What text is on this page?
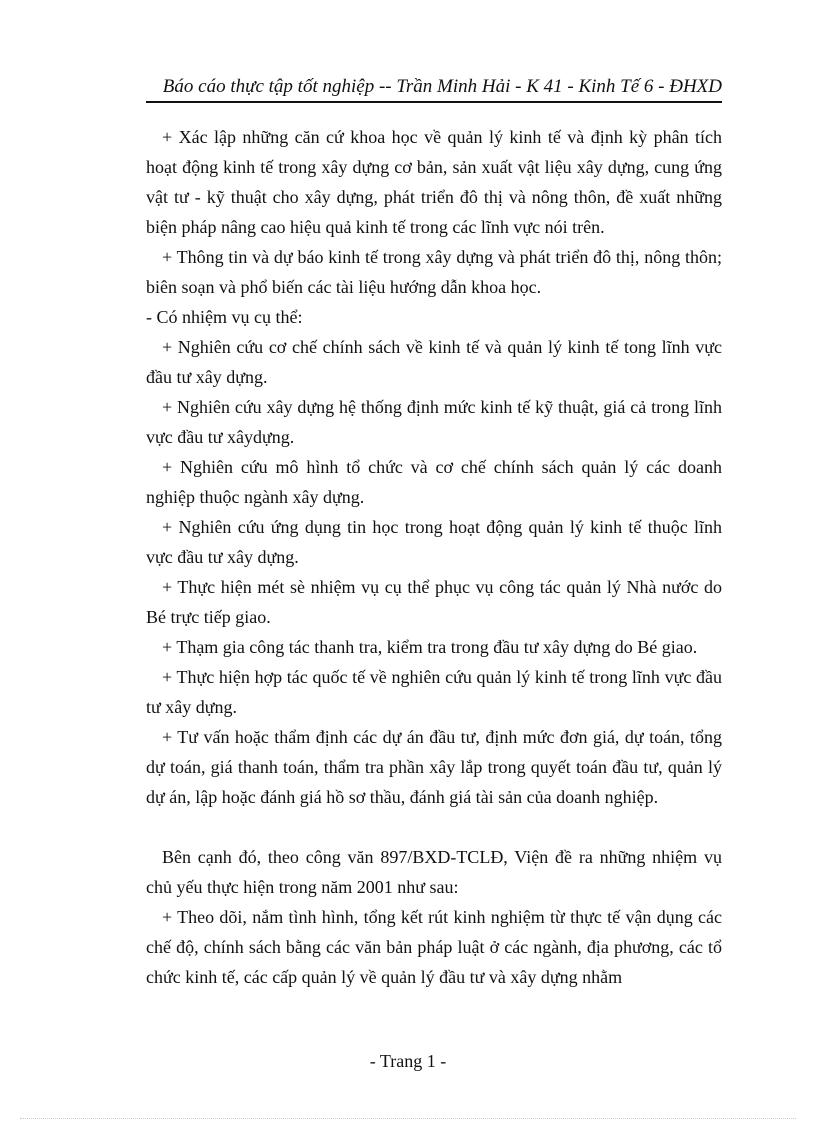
Báo cáo thực tập tốt nghiệp -- Trần Minh Hải - K 41 - Kinh Tế 6 - ĐHXD

+ Xác lập những căn cứ khoa học về quản lý kinh tế và định kỳ phân tích hoạt động kinh tế trong xây dựng cơ bản, sản xuất vật liệu xây dựng, cung ứng vật tư - kỹ thuật cho xây dựng, phát triển đô thị và nông thôn, đề xuất những biện pháp nâng cao hiệu quả kinh tế trong các lĩnh vực nói trên.

+ Thông tin và dự báo kinh tế trong xây dựng và phát triển đô thị, nông thôn; biên soạn và phổ biến các tài liệu hướng dẫn khoa học.

- Có nhiệm vụ cụ thể:

+ Nghiên cứu cơ chế chính sách về kinh tế và quản lý kinh tế tong lĩnh vực đầu tư xây dựng.

+ Nghiên cứu xây dựng hệ thống định mức kinh tế kỹ thuật, giá cả trong lĩnh vực đầu tư xâydựng.

+ Nghiên cứu mô hình tổ chức và cơ chế chính sách quản lý các doanh nghiệp thuộc ngành xây dựng.

+ Nghiên cứu ứng dụng tin học trong hoạt động quản lý kinh tế thuộc lĩnh vực đầu tư xây dựng.

+ Thực hiện mét sè nhiệm vụ cụ thể phục vụ công tác quản lý Nhà nước do Bé trực tiếp giao.

+ Thạm gia công tác thanh tra, kiểm tra trong đầu tư xây dựng do Bé giao.

+ Thực hiện hợp tác quốc tế về nghiên cứu quản lý kinh tế trong lĩnh vực đầu tư xây dựng.

+ Tư vấn hoặc thẩm định các dự án đầu tư, định mức đơn giá, dự toán, tổng dự toán, giá thanh toán, thẩm tra phần xây lắp trong quyết toán đầu tư, quản lý dự án, lập hoặc đánh giá hồ sơ thầu, đánh giá tài sản của doanh nghiệp.

Bên cạnh đó, theo công văn 897/BXD-TCLĐ, Viện đề ra những nhiệm vụ chủ yếu thực hiện trong năm 2001 như sau:

+ Theo dõi, nắm tình hình, tổng kết rút kinh nghiệm từ thực tế vận dụng các chế độ, chính sách bằng các văn bản pháp luật ở các ngành, địa phương, các tổ chức kinh tế, các cấp quản lý về quản lý đầu tư và xây dựng nhằm

- Trang 1 -
